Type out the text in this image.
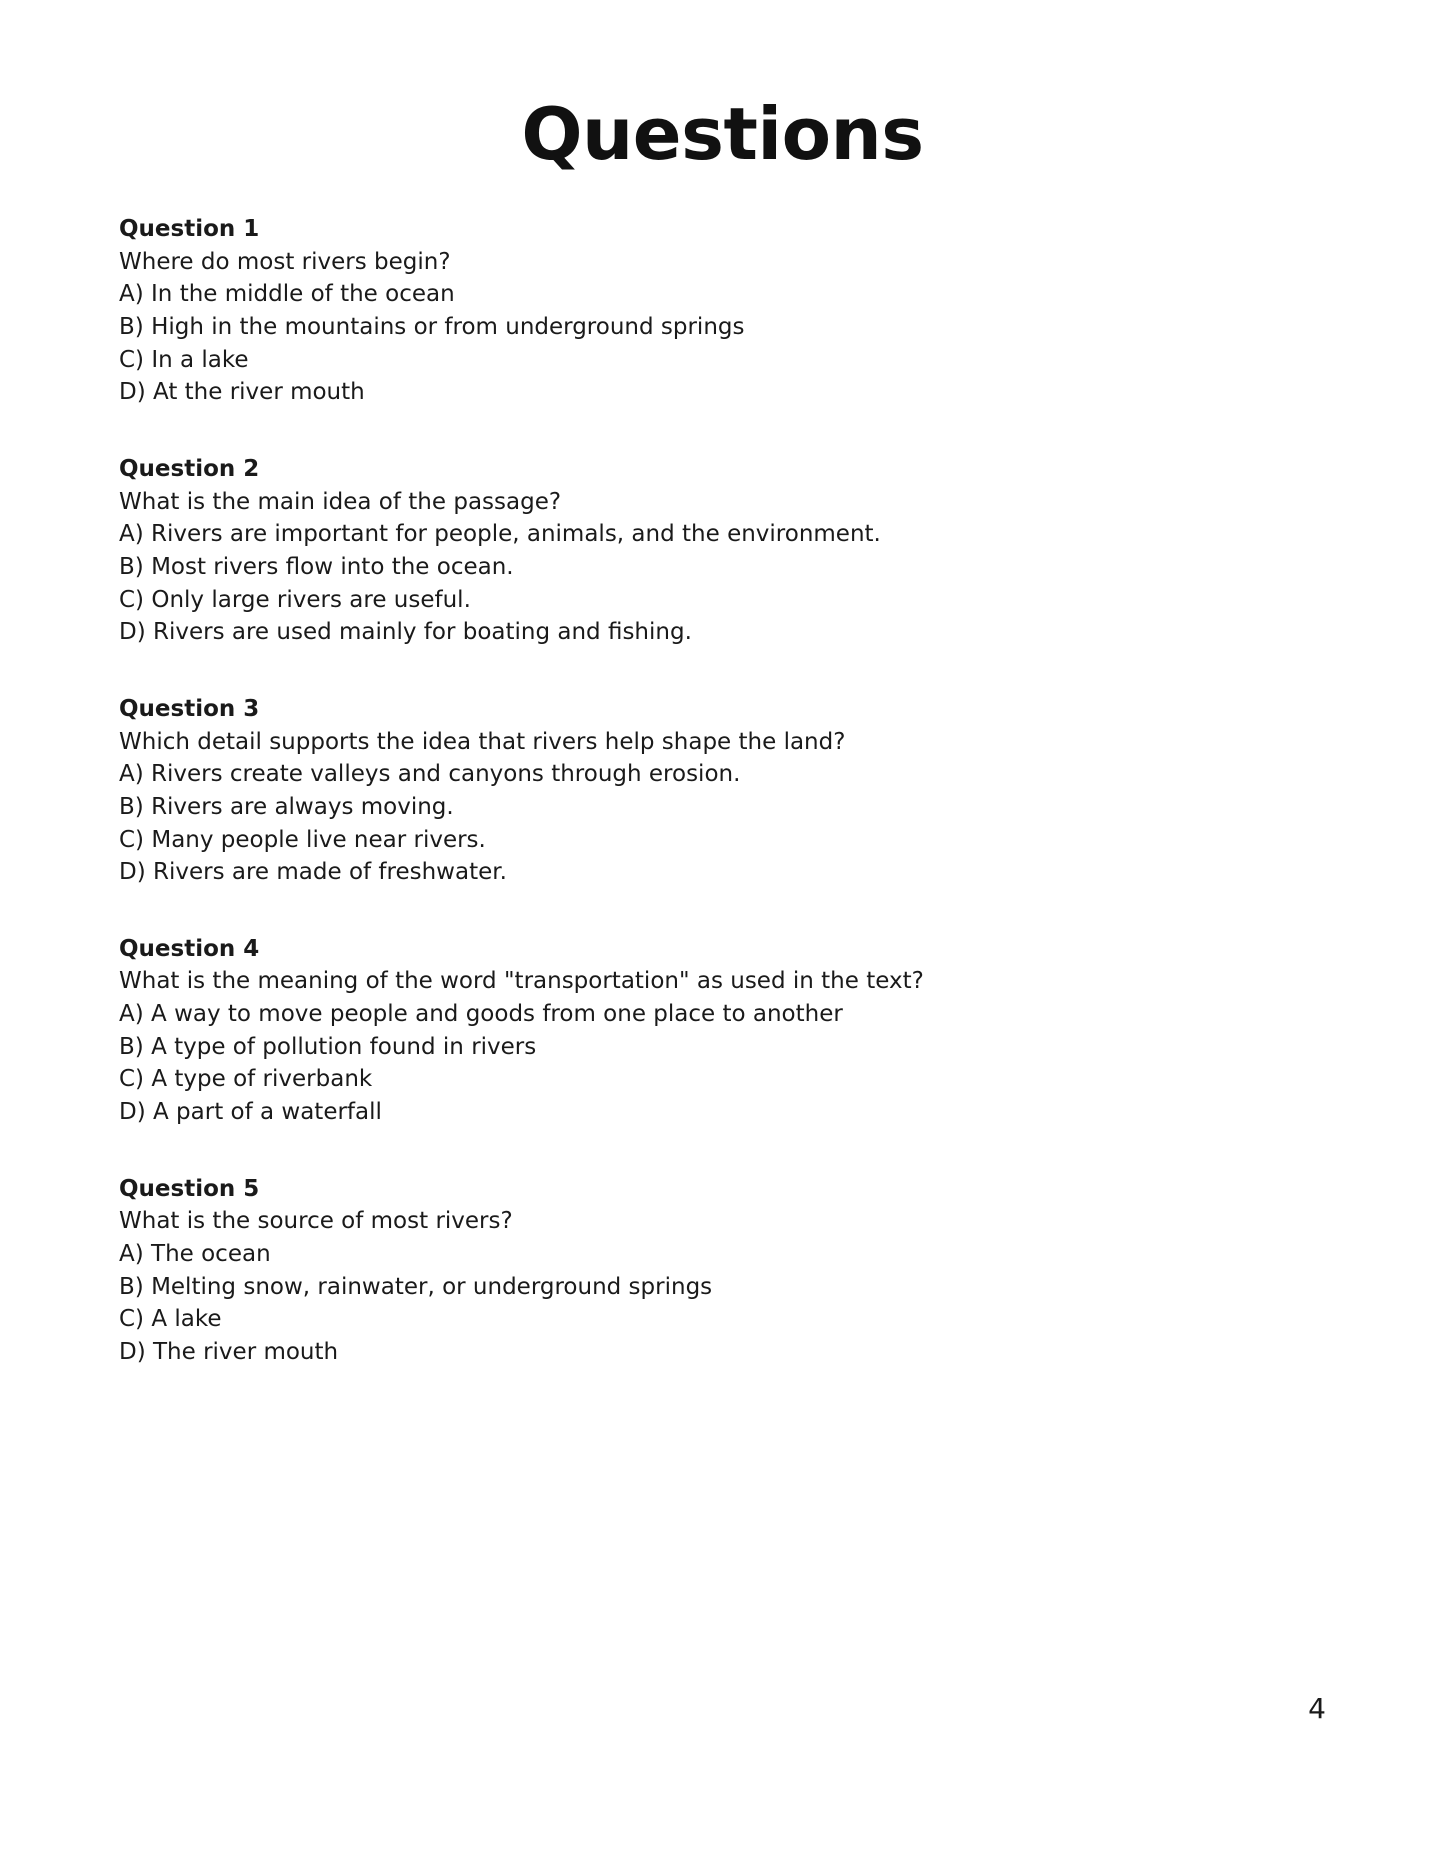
Questions
Question 1
Where do most rivers begin?
A) In the middle of the ocean
B) High in the mountains or from underground springs
C) In a lake
D) At the river mouth
Question 2
What is the main idea of the passage?
A) Rivers are important for people, animals, and the environment.
B) Most rivers flow into the ocean.
C) Only large rivers are useful.
D) Rivers are used mainly for boating and fishing.
Question 3
Which detail supports the idea that rivers help shape the land?
A) Rivers create valleys and canyons through erosion.
B) Rivers are always moving.
C) Many people live near rivers.
D) Rivers are made of freshwater.
Question 4
What is the meaning of the word "transportation" as used in the text?
A) A way to move people and goods from one place to another
B) A type of pollution found in rivers
C) A type of riverbank
D) A part of a waterfall
Question 5
What is the source of most rivers?
A) The ocean
B) Melting snow, rainwater, or underground springs
C) A lake
D) The river mouth
4
